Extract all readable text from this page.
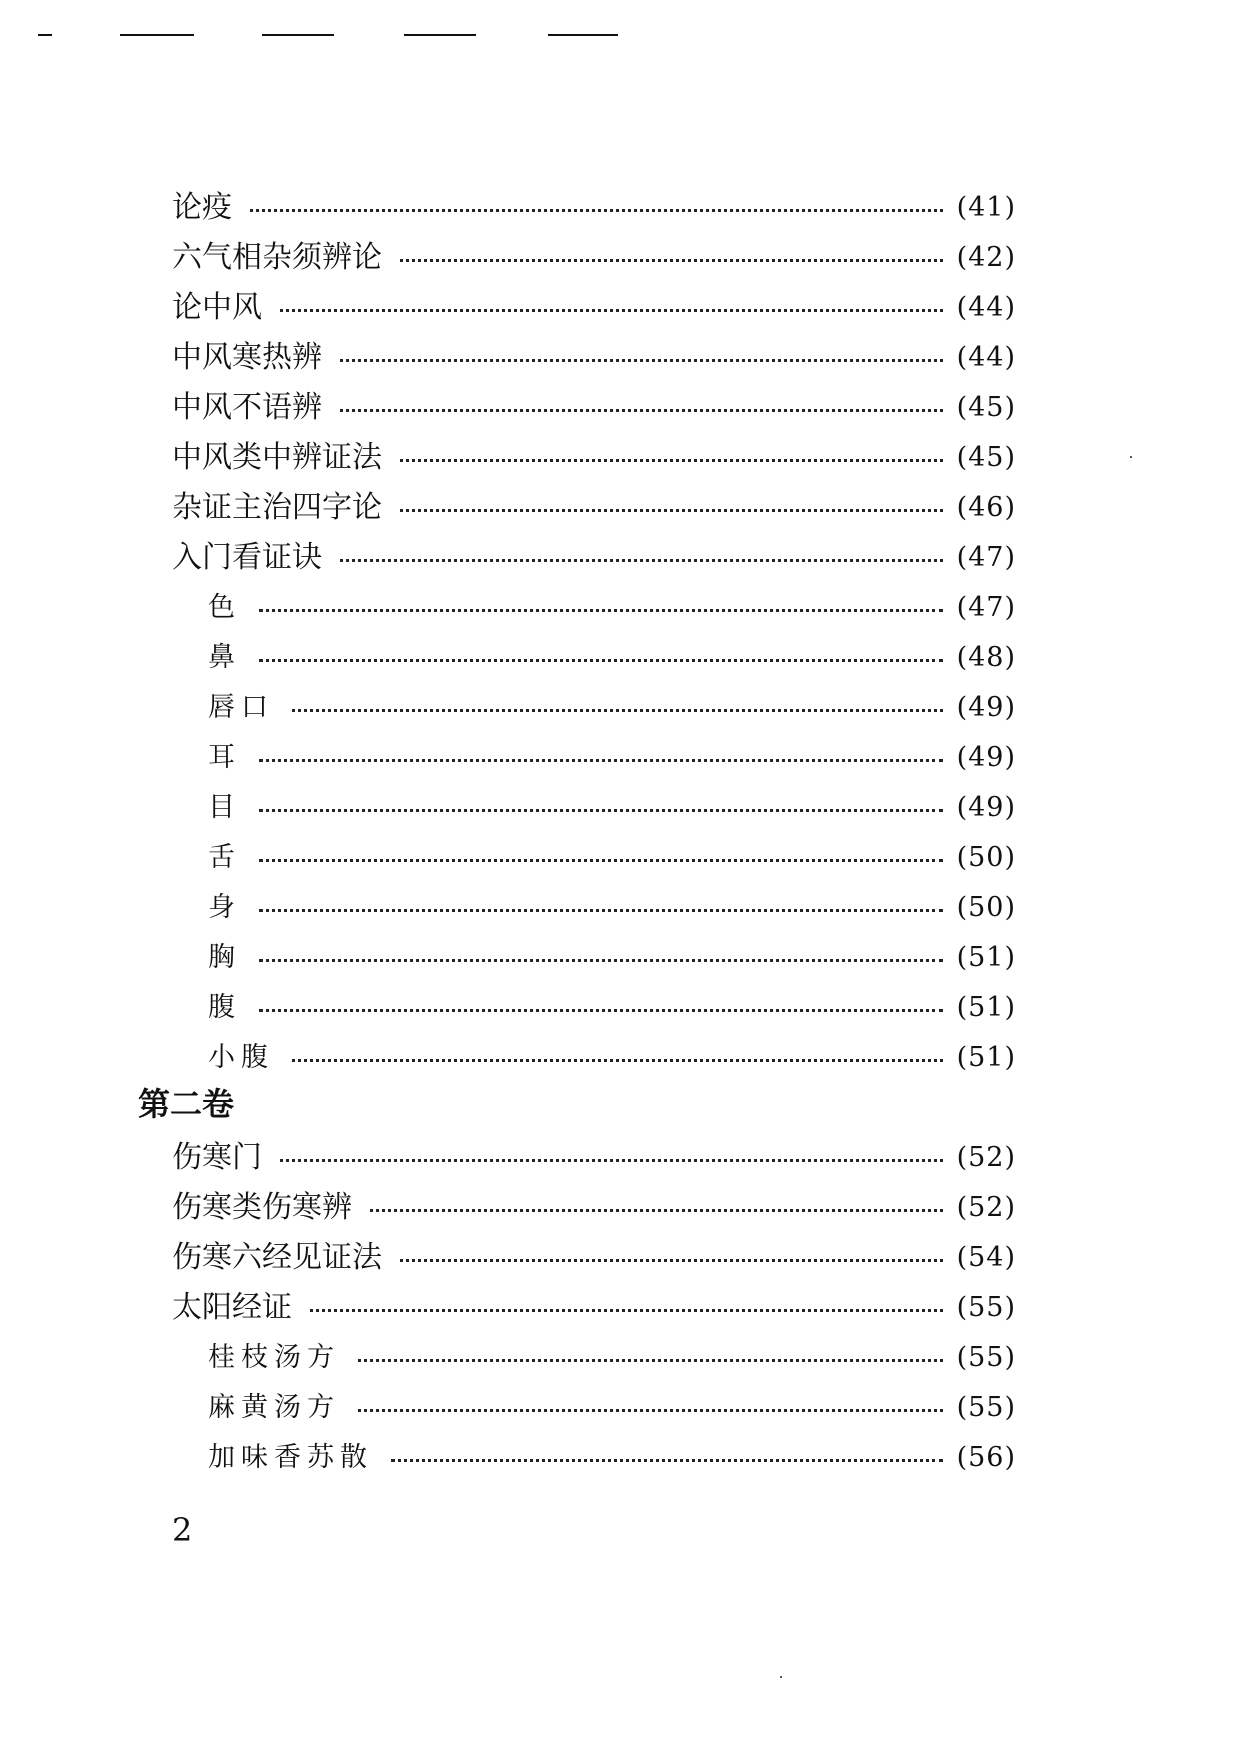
论疫	(41)
六气相杂须辨论	(42)
论中风	(44)
中风寒热辨	(44)
中风不语辨	(45)
中风类中辨证法	(45)
杂证主治四字论	(46)
入门看证诀	(47)
色	(47)
鼻	(48)
唇口	(49)
耳	(49)
目	(49)
舌	(50)
身	(50)
胸	(51)
腹	(51)
小腹	(51)
第二卷
伤寒门	(52)
伤寒类伤寒辨	(52)
伤寒六经见证法	(54)
太阳经证	(55)
桂枝汤方	(55)
麻黄汤方	(55)
加味香苏散	(56)
2
